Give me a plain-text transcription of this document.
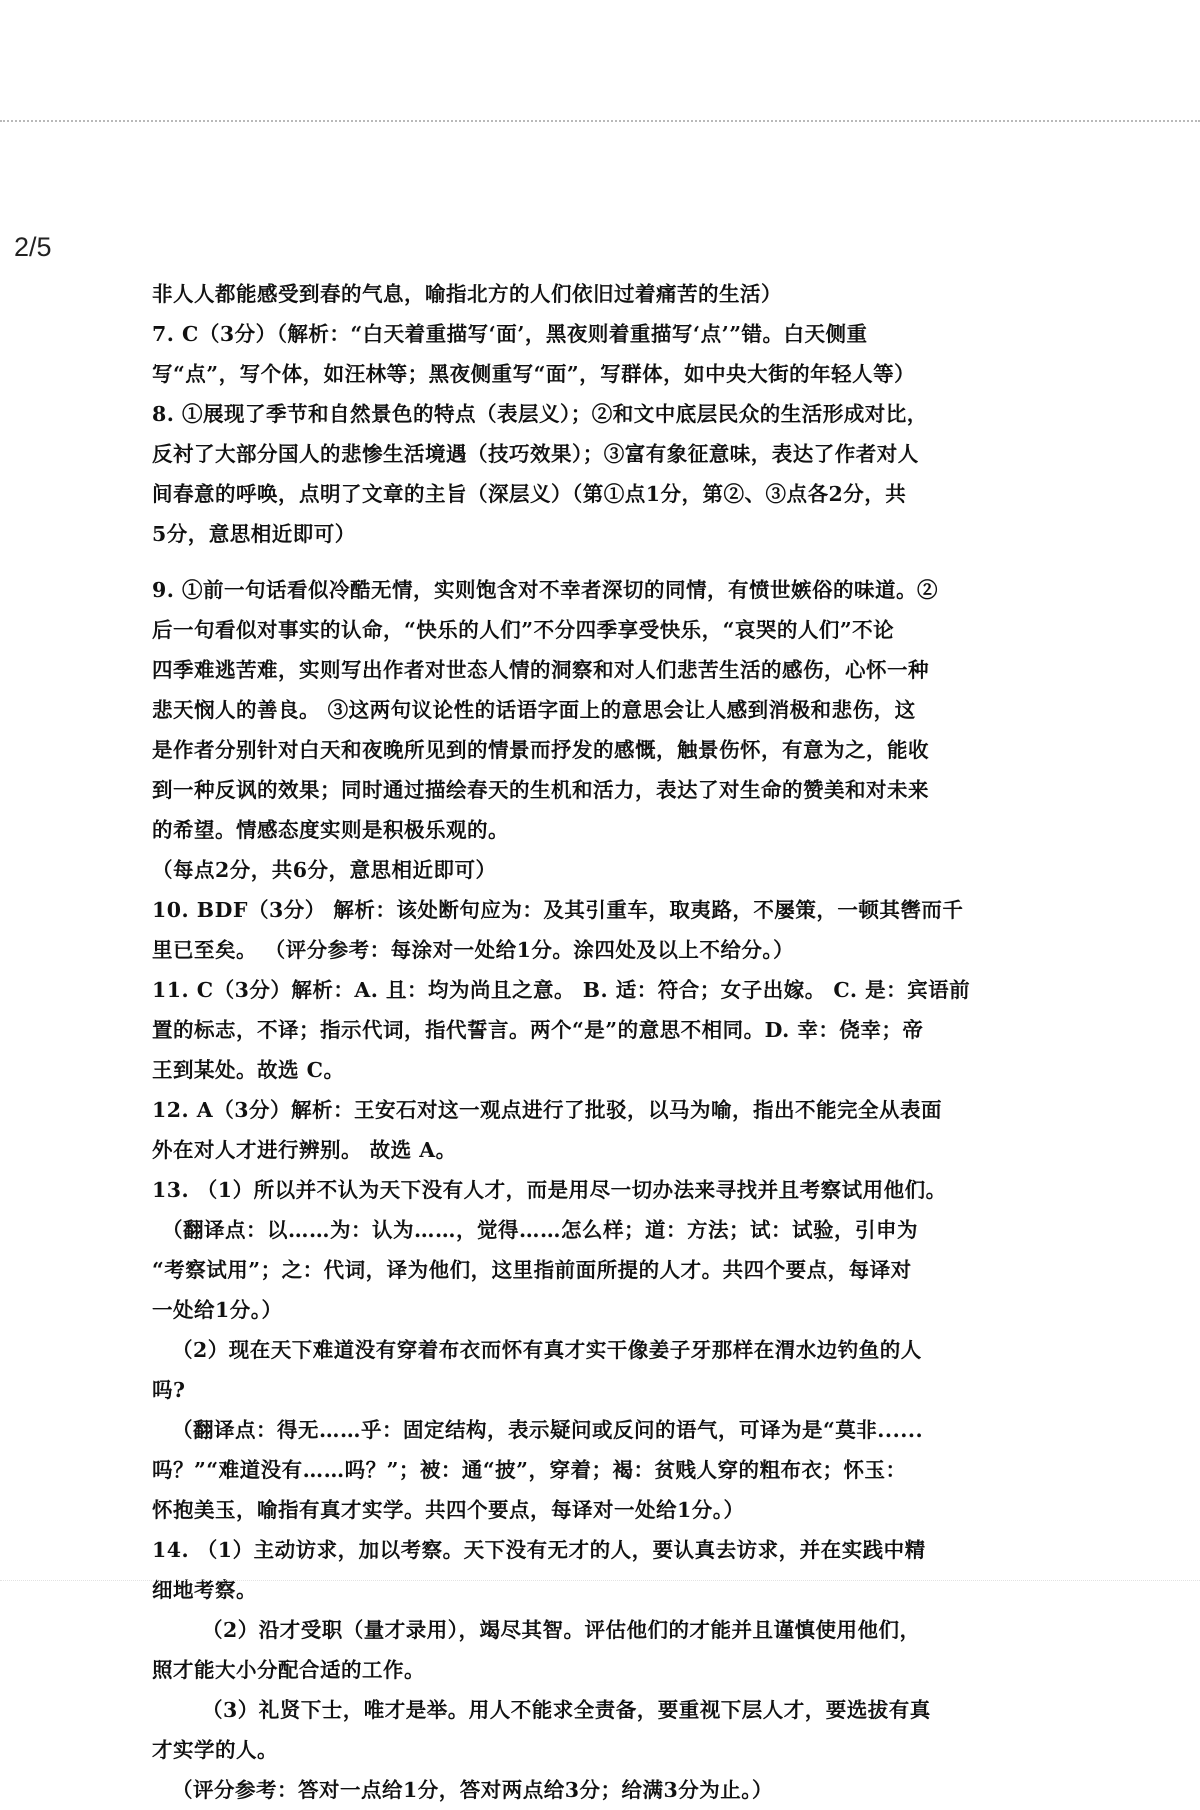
2/5
非人人都能感受到春的气息，喻指北方的人们依旧过着痛苦的生活）
7. C（3分）（解析：“白天着重描写‘面’，黑夜则着重描写‘点’”错。白天侧重
写“点”，写个体，如汪林等；黑夜侧重写“面”，写群体，如中央大街的年轻人等）
8. ①展现了季节和自然景色的特点（表层义）；②和文中底层民众的生活形成对比，
反衬了大部分国人的悲惨生活境遇（技巧效果）；③富有象征意味，表达了作者对人
间春意的呼唤，点明了文章的主旨（深层义）（第①点1分，第②、③点各2分，共
5分，意思相近即可）
9. ①前一句话看似冷酷无情，实则饱含对不幸者深切的同情，有愤世嫉俗的味道。②
后一句看似对事实的认命，“快乐的人们”不分四季享受快乐，“哀哭的人们”不论
四季难逃苦难，实则写出作者对世态人情的洞察和对人们悲苦生活的感伤，心怀一种
悲天悯人的善良。 ③这两句议论性的话语字面上的意思会让人感到消极和悲伤，这
是作者分别针对白天和夜晚所见到的情景而抒发的感慨，触景伤怀，有意为之，能收
到一种反讽的效果；同时通过描绘春天的生机和活力，表达了对生命的赞美和对未来
的希望。情感态度实则是积极乐观的。
（每点2分，共6分，意思相近即可）
10. BDF（3分） 解析：该处断句应为：及其引重车，取夷路，不屡策，一顿其辔而千
里已至矣。 （评分参考：每涂对一处给1分。涂四处及以上不给分。）
11. C（3分）解析：A. 且：均为尚且之意。 B. 适：符合；女子出嫁。 C. 是：宾语前
置的标志，不译；指示代词，指代誓言。两个“是”的意思不相同。D. 幸：侥幸；帝
王到某处。故选 C。
12. A（3分）解析：王安石对这一观点进行了批驳，以马为喻，指出不能完全从表面
外在对人才进行辨别。 故选 A。
13. （1）所以并不认为天下没有人才，而是用尽一切办法来寻找并且考察试用他们。
（翻译点：以……为：认为……，觉得……怎么样；道：方法；试：试验，引申为
“考察试用”；之：代词，译为他们，这里指前面所提的人才。共四个要点，每译对
一处给1分。）
（2）现在天下难道没有穿着布衣而怀有真才实干像姜子牙那样在渭水边钓鱼的人
吗?
（翻译点：得无……乎：固定结构，表示疑问或反问的语气，可译为是“莫非......
吗？”“难道没有……吗？”；被：通“披”，穿着；褐：贫贱人穿的粗布衣；怀玉：
怀抱美玉，喻指有真才实学。共四个要点，每译对一处给1分。）
14. （1）主动访求，加以考察。天下没有无才的人，要认真去访求，并在实践中精
细地考察。
（2）沿才受职（量才录用），竭尽其智。评估他们的才能并且谨慎使用他们，
照才能大小分配合适的工作。
（3）礼贤下士，唯才是举。用人不能求全责备，要重视下层人才，要选拔有真
才实学的人。
（评分参考：答对一点给1分，答对两点给3分；给满3分为止。）
